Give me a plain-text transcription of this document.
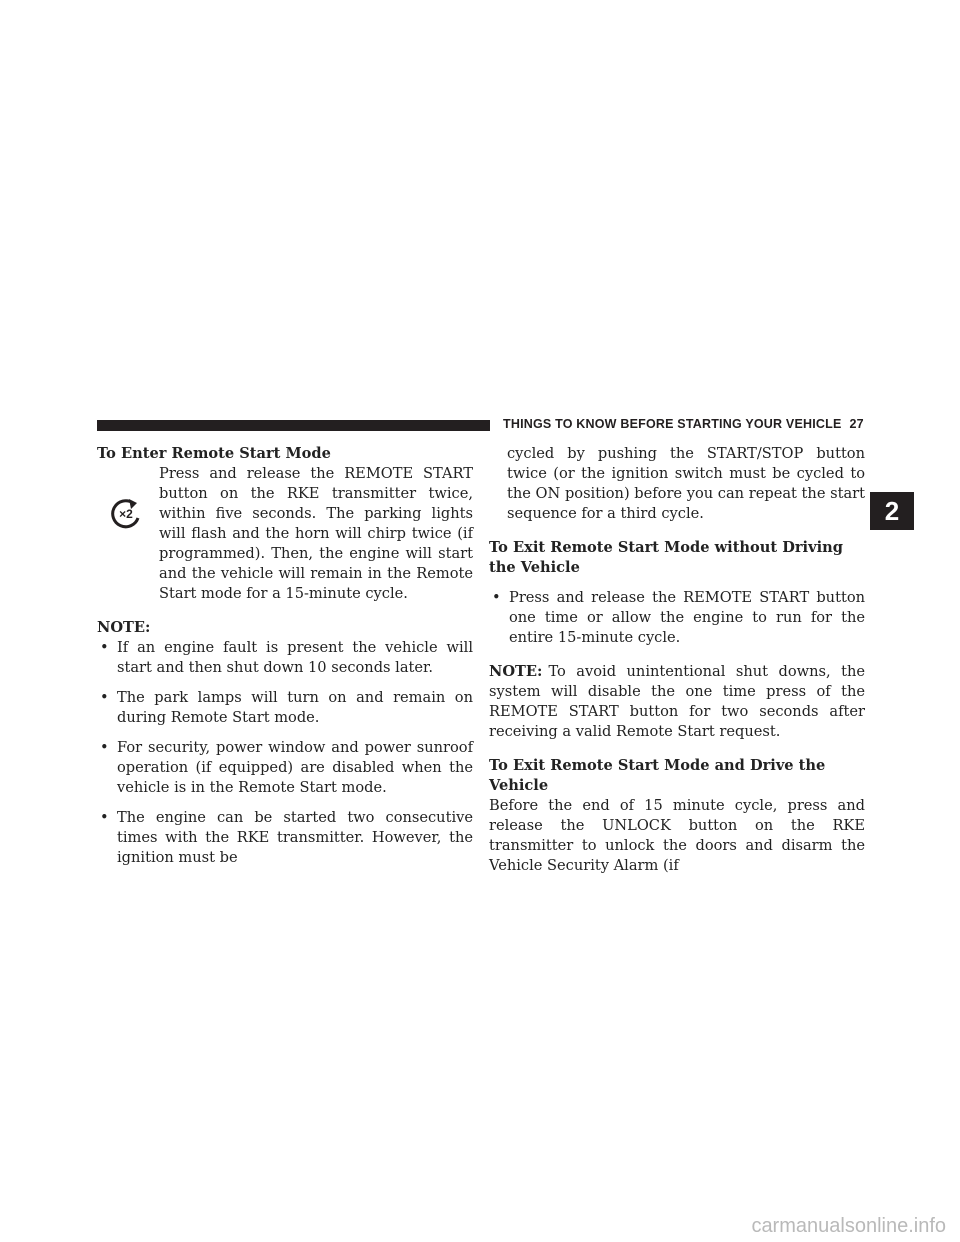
THINGS TO KNOW BEFORE STARTING YOUR VEHICLE 27
2
To Enter Remote Start Mode
×2

Press and release the REMOTE START button on the RKE transmitter twice, within five seconds. The parking lights will flash and the horn will chirp twice (if programmed). Then, the engine will start and the vehicle will remain in the Remote Start mode for a 15-minute cycle.

NOTE:
• If an engine fault is present the vehicle will start and then shut down 10 seconds later.
• The park lamps will turn on and remain on during Remote Start mode.
• For security, power window and power sunroof operation (if equipped) are disabled when the vehicle is in the Remote Start mode.
• The engine can be started two consecutive times with the RKE transmitter. However, the ignition must be

cycled by pushing the START/STOP button twice (or the ignition switch must be cycled to the ON position) before you can repeat the start sequence for a third cycle.

To Exit Remote Start Mode without Driving the Vehicle
• Press and release the REMOTE START button one time or allow the engine to run for the entire 15-minute cycle.

NOTE: To avoid unintentional shut downs, the system will disable the one time press of the REMOTE START button for two seconds after receiving a valid Remote Start request.

To Exit Remote Start Mode and Drive the Vehicle

Before the end of 15 minute cycle, press and release the UNLOCK button on the RKE transmitter to unlock the doors and disarm the Vehicle Security Alarm (if

carmanualsonline.info
